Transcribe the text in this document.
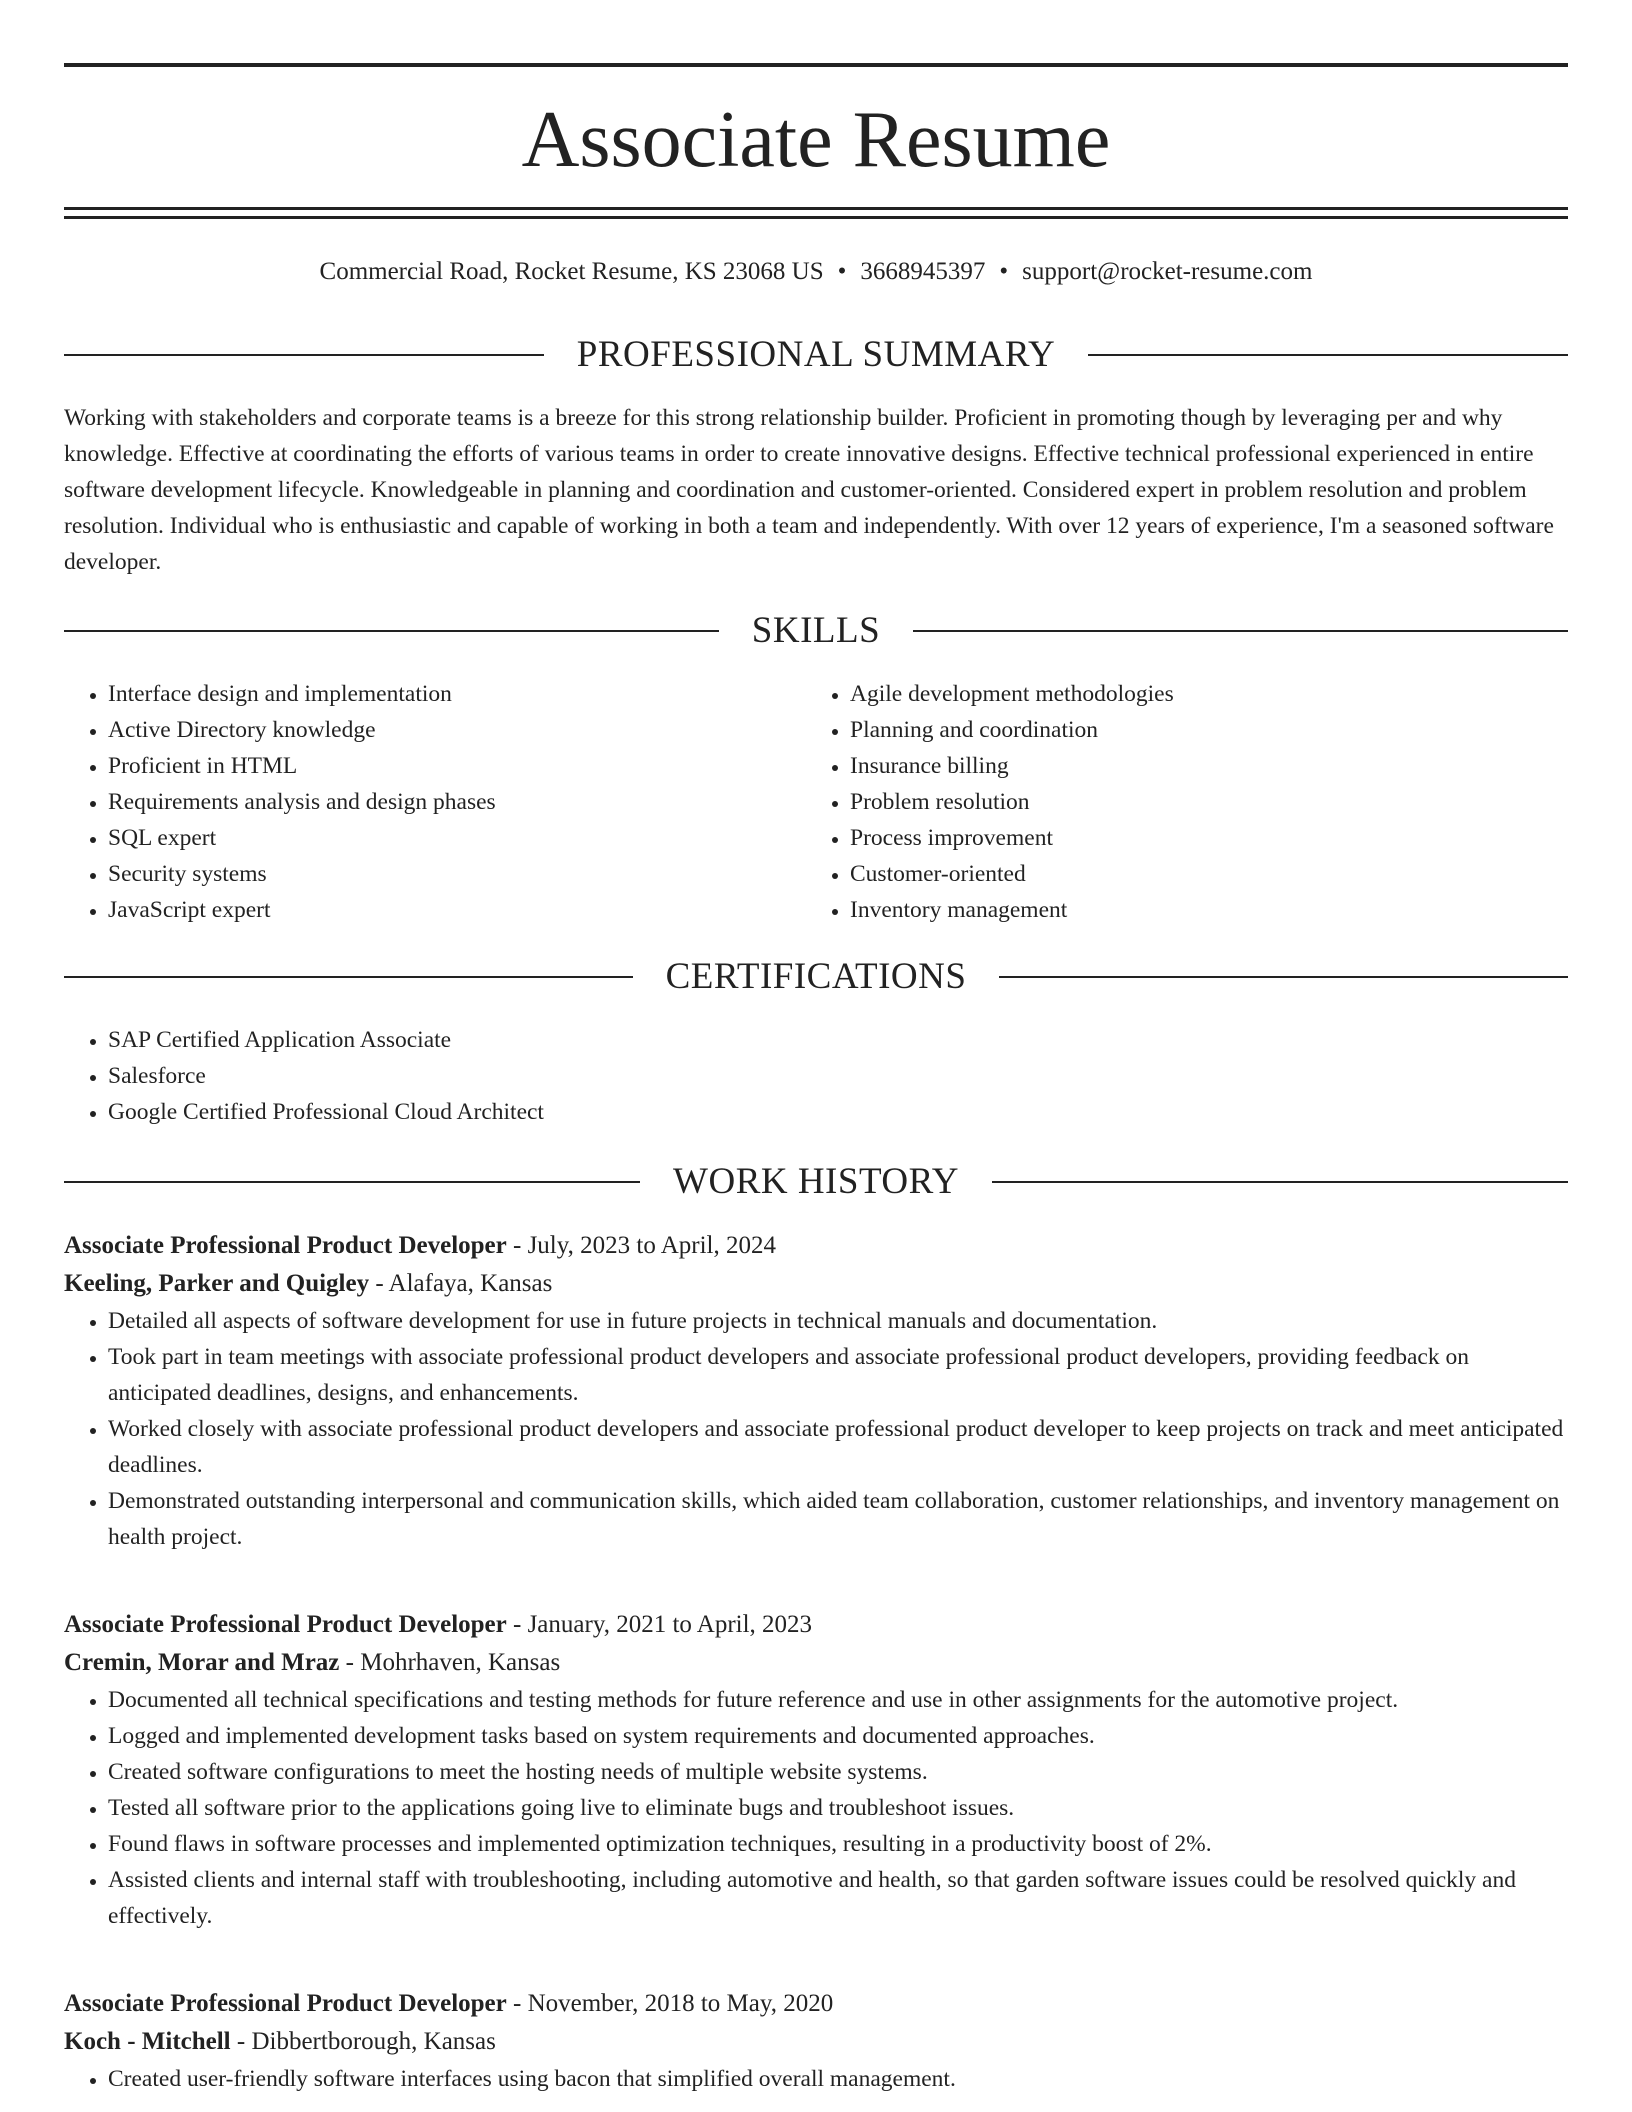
Associate Resume
Commercial Road, Rocket Resume, KS 23068 US • 3668945397 • support@rocket-resume.com
PROFESSIONAL SUMMARY

Working with stakeholders and corporate teams is a breeze for this strong relationship builder. Proficient in promoting though by leveraging per and why knowledge. Effective at coordinating the efforts of various teams in order to create innovative designs. Effective technical professional experienced in entire software development lifecycle. Knowledgeable in planning and coordination and customer-oriented. Considered expert in problem resolution and problem resolution. Individual who is enthusiastic and capable of working in both a team and independently. With over 12 years of experience, I'm a seasoned software developer.

SKILLS
• Interface design and implementation
• Active Directory knowledge
• Proficient in HTML
• Requirements analysis and design phases
• SQL expert
• Security systems
• JavaScript expert
• Agile development methodologies
• Planning and coordination
• Insurance billing
• Problem resolution
• Process improvement
• Customer-oriented
• Inventory management
CERTIFICATIONS
• SAP Certified Application Associate
• Salesforce
• Google Certified Professional Cloud Architect
WORK HISTORY
Associate Professional Product Developer - July, 2023 to April, 2024
Keeling, Parker and Quigley - Alafaya, Kansas
• Detailed all aspects of software development for use in future projects in technical manuals and documentation.
• Took part in team meetings with associate professional product developers and associate professional product developers, providing feedback on anticipated deadlines, designs, and enhancements.
• Worked closely with associate professional product developers and associate professional product developer to keep projects on track and meet anticipated deadlines.
• Demonstrated outstanding interpersonal and communication skills, which aided team collaboration, customer relationships, and inventory management on health project.
Associate Professional Product Developer - January, 2021 to April, 2023
Cremin, Morar and Mraz - Mohrhaven, Kansas
• Documented all technical specifications and testing methods for future reference and use in other assignments for the automotive project.
• Logged and implemented development tasks based on system requirements and documented approaches.
• Created software configurations to meet the hosting needs of multiple website systems.
• Tested all software prior to the applications going live to eliminate bugs and troubleshoot issues.
• Found flaws in software processes and implemented optimization techniques, resulting in a productivity boost of 2%.
• Assisted clients and internal staff with troubleshooting, including automotive and health, so that garden software issues could be resolved quickly and effectively.
Associate Professional Product Developer - November, 2018 to May, 2020
Koch - Mitchell - Dibbertborough, Kansas
• Created user-friendly software interfaces using bacon that simplified overall management.
